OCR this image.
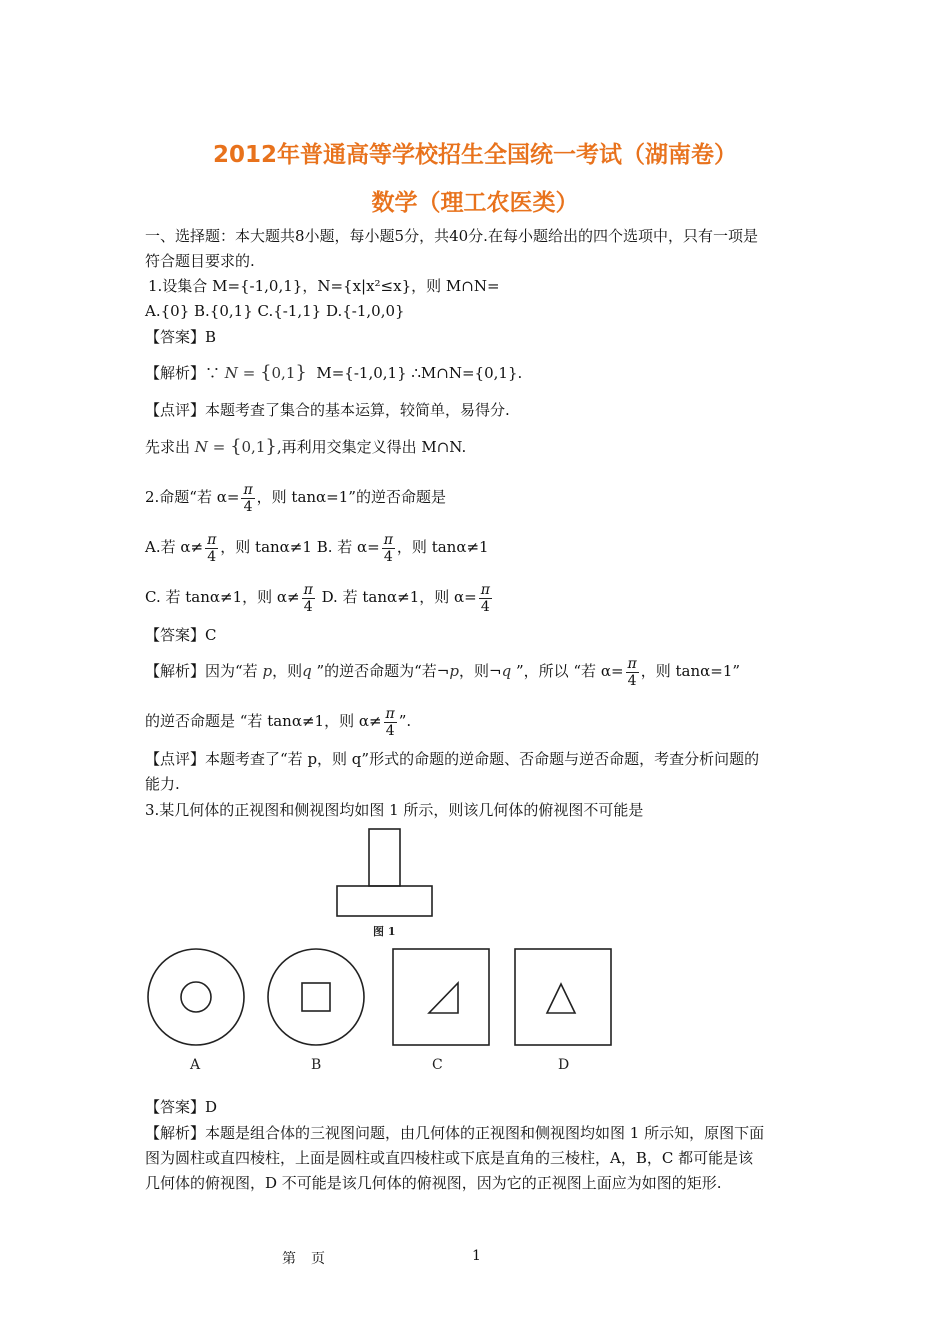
2012年普通高等学校招生全国统一考试（湖南卷）
数学（理工农医类）
一、选择题：本大题共8小题，每小题5分，共40分.在每小题给出的四个选项中，只有一项是
符合题目要求的.
1.设集合 M={-1,0,1}，N={x|x²≤x}，则 M∩N=
A.{0} B.{0,1} C.{-1,1} D.{-1,0,0}
【答案】B
【解析】∵ N = {0,1} M={-1,0,1} ∴M∩N={0,1}.
【点评】本题考查了集合的基本运算，较简单，易得分.
先求出 N = {0,1},再利用交集定义得出 M∩N.
2.命题“若 $\alpha= \frac{\pi}{4}$ ，则 tanα=1”的逆否命题是
A.若 $\alpha\ne \frac{\pi}{4}$ ，则 tanα≠1 B. 若 $\alpha= \frac{\pi}{4}$ ，则 tanα≠1
C. 若 tanα≠1，则 $\alpha\ne \frac{\pi}{4} D$. 若 tanα≠1，则 $\alpha= \frac{\pi}{4}$
【答案】C
【解析】因为“若 p，则q ”的逆否命题为“若¬p，则¬q ”，所以 “若 $\alpha= \frac{\pi}{4}$ ，则 tanα=1”
的逆否命题是 “若 tanα≠1，则 $\alpha\ne \frac{\pi}{4}$ ”.
【点评】本题考查了“若 p，则 q”形式的命题的逆命题、否命题与逆否命题，考查分析问题的
能力.
3.某几何体的正视图和侧视图均如图 1 所示，则该几何体的俯视图不可能是
图 1
A	B	C	D
【答案】D
【解析】本题是组合体的三视图问题，由几何体的正视图和侧视图均如图 1 所示知，原图下面
图为圆柱或直四棱柱，上面是圆柱或直四棱柱或下底是直角的三棱柱，A，B，C 都可能是该
几何体的俯视图，D 不可能是该几何体的俯视图，因为它的正视图上面应为如图的矩形.
第 页	1
